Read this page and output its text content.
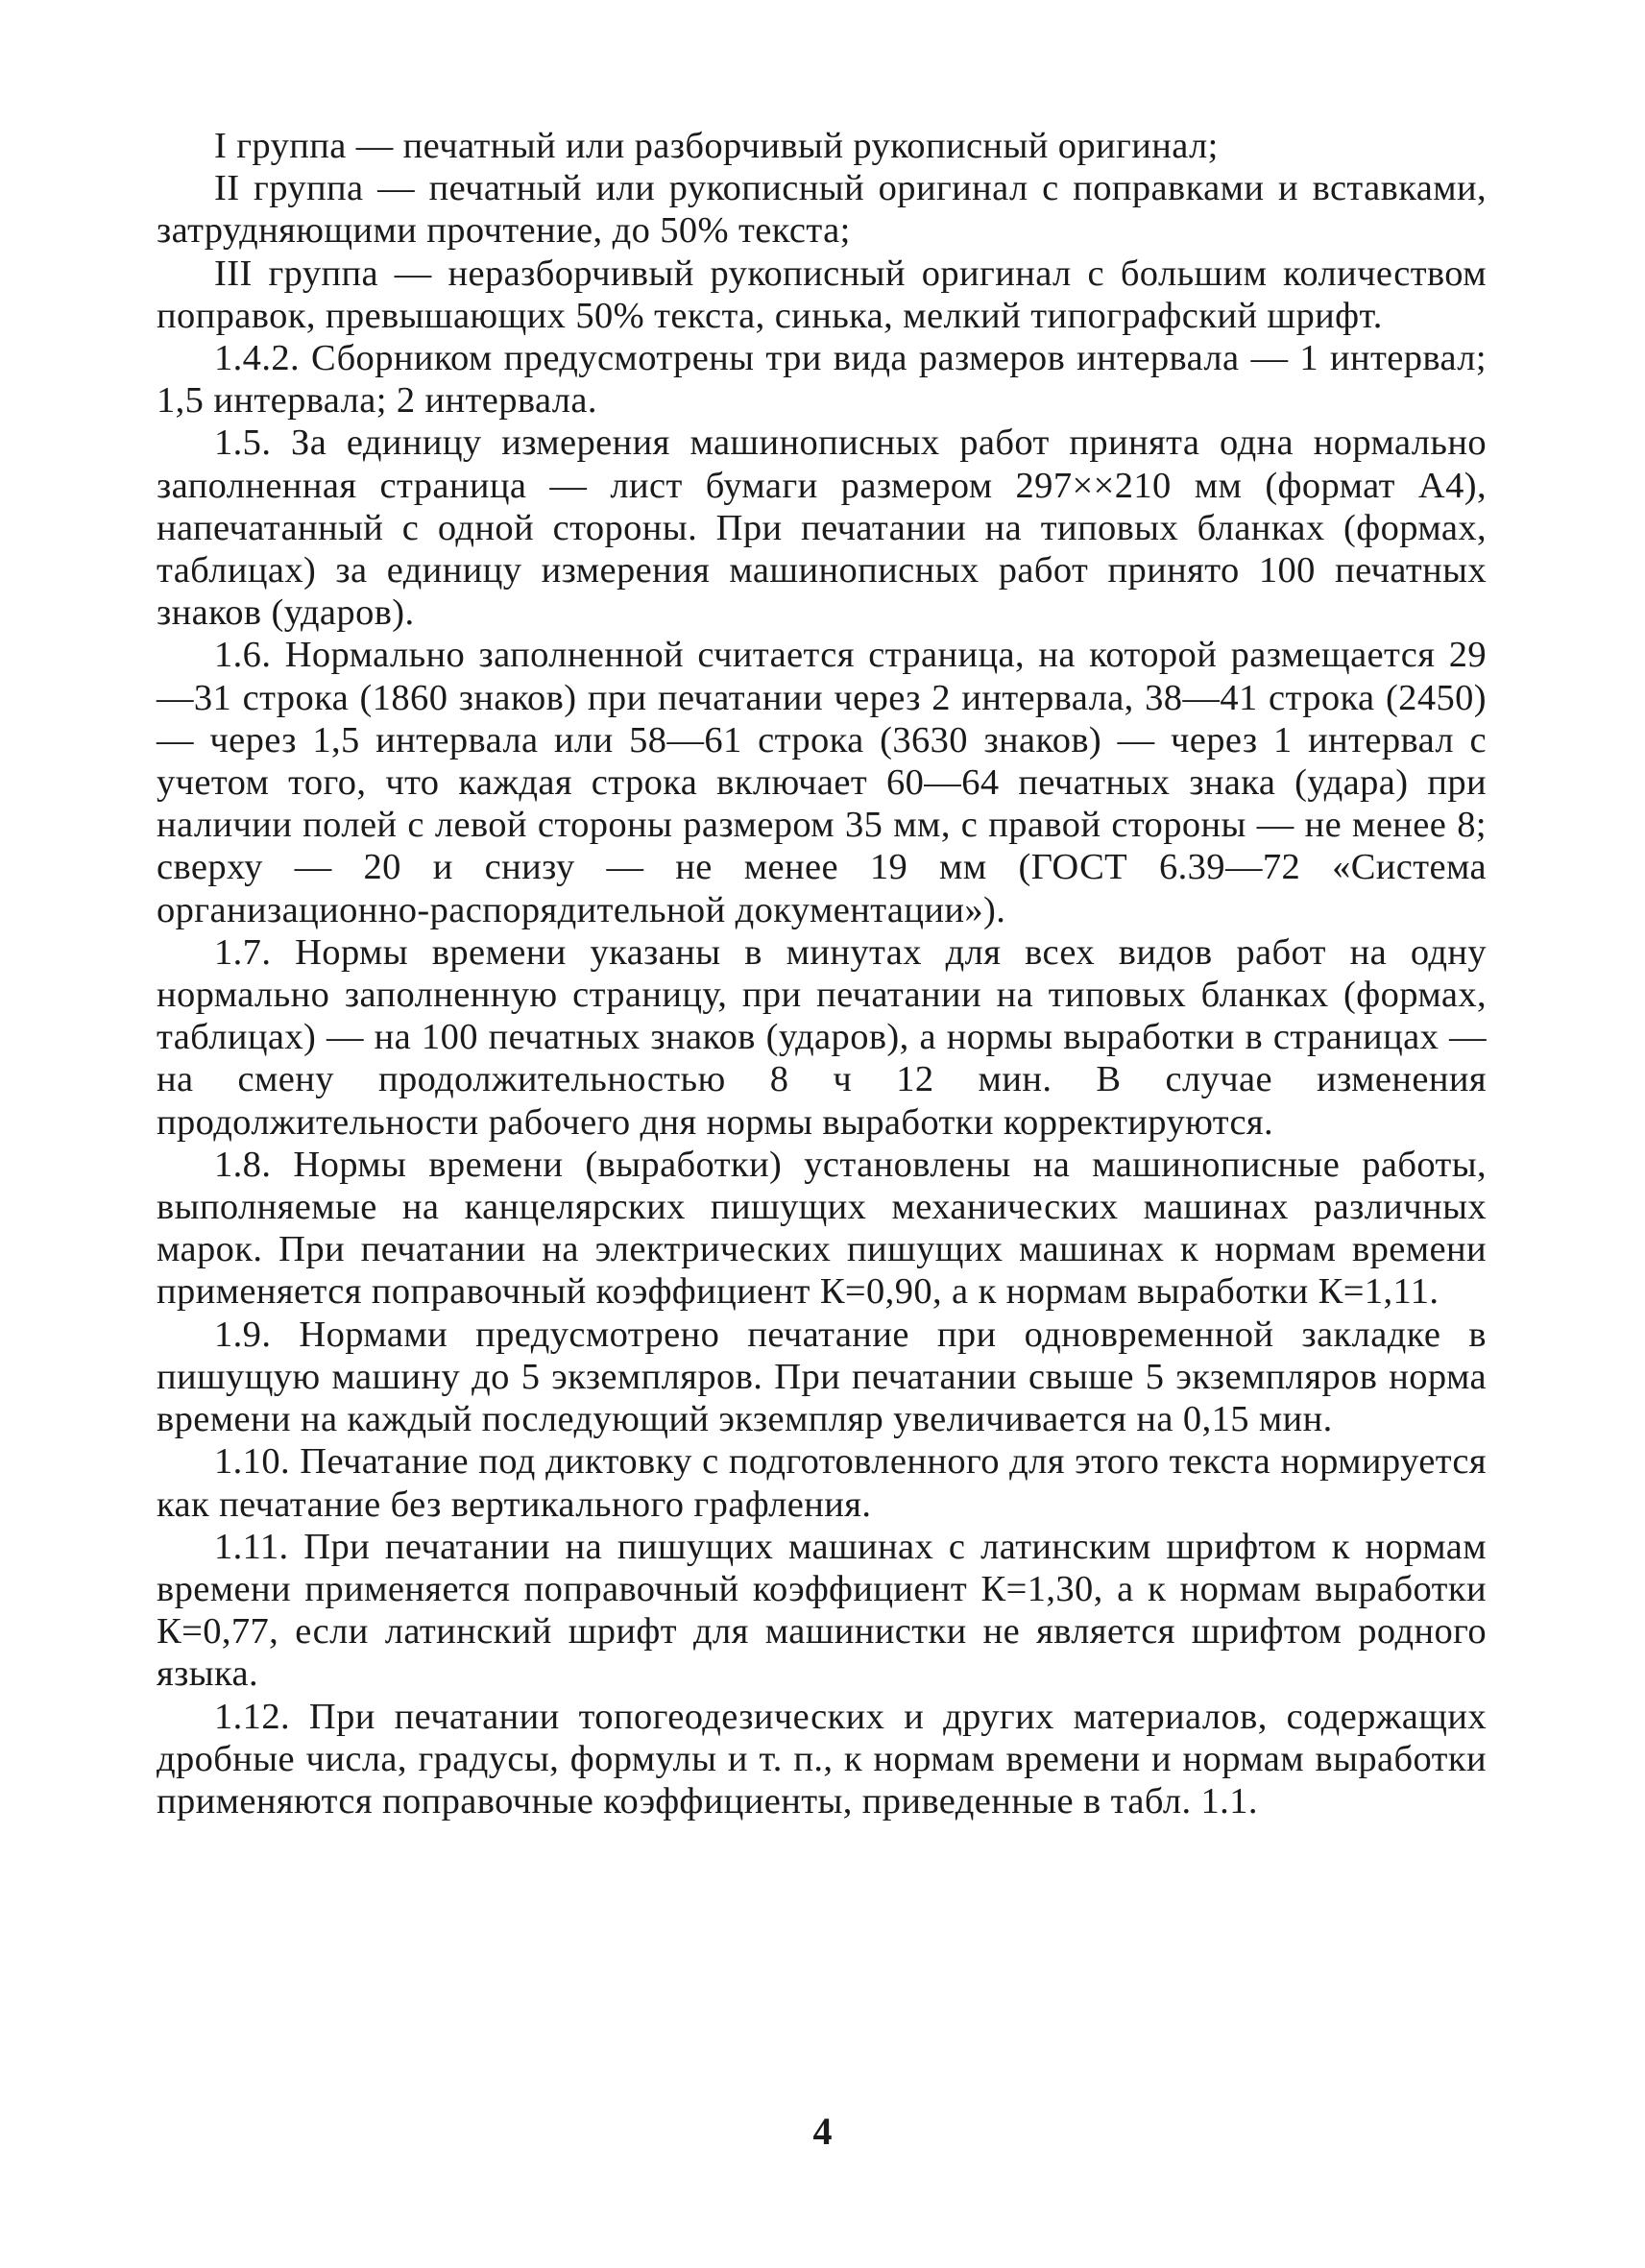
I группа — печатный или разборчивый рукописный оригинал;

II группа — печатный или рукописный оригинал с поправками и вставками, затрудняющими прочтение, до 50% текста;

III группа — неразборчивый рукописный оригинал с большим количеством поправок, превышающих 50% текста, синька, мелкий типографский шрифт.

1.4.2. Сборником предусмотрены три вида размеров интервала — 1 интервал; 1,5 интервала; 2 интервала.

1.5. За единицу измерения машинописных работ принята одна нормально заполненная страница — лист бумаги размером 297××210 мм (формат А4), напечатанный с одной стороны. При печатании на типовых бланках (формах, таблицах) за единицу измерения машинописных работ принято 100 печатных знаков (ударов).

1.6. Нормально заполненной считается страница, на которой размещается 29—31 строка (1860 знаков) при печатании через 2 интервала, 38—41 строка (2450) — через 1,5 интервала или 58—61 строка (3630 знаков) — через 1 интервал с учетом того, что каждая строка включает 60—64 печатных знака (удара) при наличии полей с левой стороны размером 35 мм, с правой стороны — не менее 8; сверху — 20 и снизу — не менее 19 мм (ГОСТ 6.39—72 «Система организационно-распорядительной документации»).

1.7. Нормы времени указаны в минутах для всех видов работ на одну нормально заполненную страницу, при печатании на типовых бланках (формах, таблицах) — на 100 печатных знаков (ударов), а нормы выработки в страницах — на смену продолжительностью 8 ч 12 мин. В случае изменения продолжительности рабочего дня нормы выработки корректируются.

1.8. Нормы времени (выработки) установлены на машинописные работы, выполняемые на канцелярских пишущих механических машинах различных марок. При печатании на электрических пишущих машинах к нормам времени применяется поправочный коэффициент К=0,90, а к нормам выработки К=1,11.

1.9. Нормами предусмотрено печатание при одновременной закладке в пишущую машину до 5 экземпляров. При печатании свыше 5 экземпляров норма времени на каждый последующий экземпляр увеличивается на 0,15 мин.

1.10. Печатание под диктовку с подготовленного для этого текста нормируется как печатание без вертикального графления.

1.11. При печатании на пишущих машинах с латинским шрифтом к нормам времени применяется поправочный коэффициент К=1,30, а к нормам выработки К=0,77, если латинский шрифт для машинистки не является шрифтом родного языка.

1.12. При печатании топогеодезических и других материалов, содержащих дробные числа, градусы, формулы и т. п., к нормам времени и нормам выработки применяются поправочные коэффициенты, приведенные в табл. 1.1.

4
